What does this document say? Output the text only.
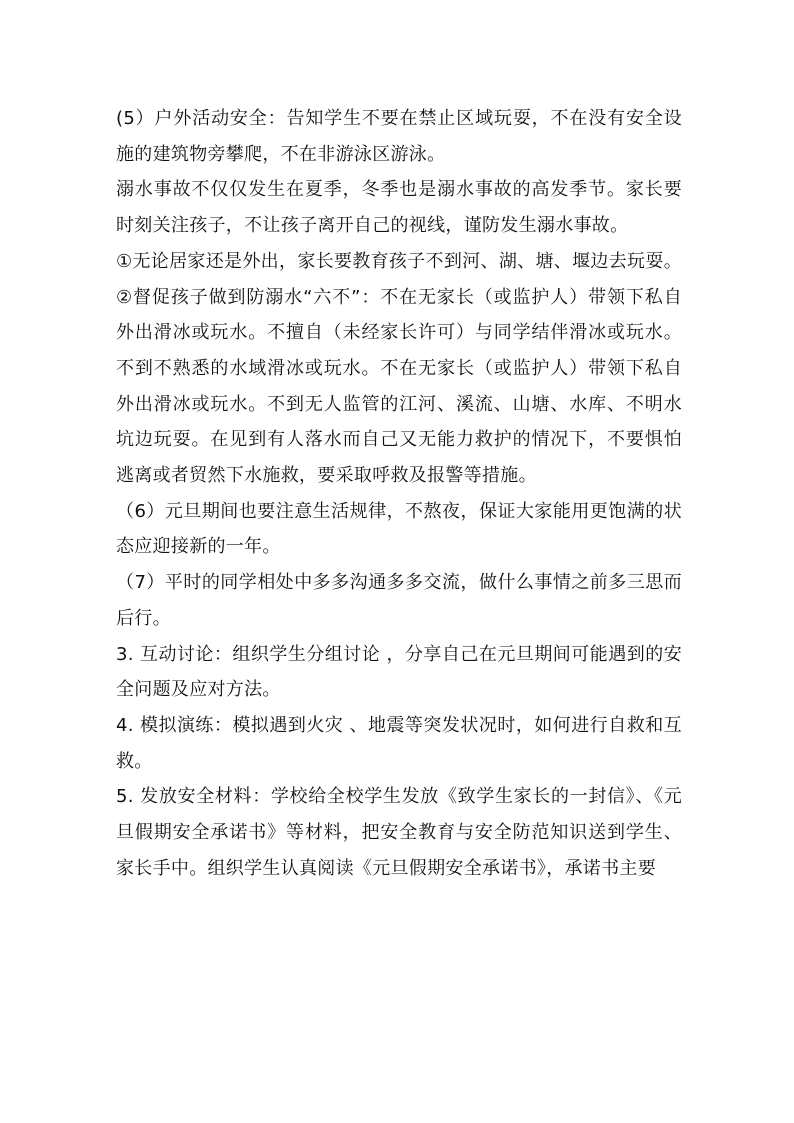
(5）户外活动安全：告知学生不要在禁止区域玩耍，不在没有安全设施的建筑物旁攀爬，不在非游泳区游泳。

溺水事故不仅仅发生在夏季，冬季也是溺水事故的高发季节。家长要时刻关注孩子，不让孩子离开自己的视线，谨防发生溺水事故。

①无论居家还是外出，家长要教育孩子不到河、湖、塘、堰边去玩耍。②督促孩子做到防溺水“六不”：不在无家长（或监护人）带领下私自外出滑冰或玩水。不擅自（未经家长许可）与同学结伴滑冰或玩水。不到不熟悉的水域滑冰或玩水。不在无家长（或监护人）带领下私自外出滑冰或玩水。不到无人监管的江河、溪流、山塘、水库、不明水坑边玩耍。在见到有人落水而自己又无能力救护的情况下，不要惧怕逃离或者贸然下水施救，要采取呼救及报警等措施。

（6）元旦期间也要注意生活规律，不熬夜，保证大家能用更饱满的状态应迎接新的一年。

（7）平时的同学相处中多多沟通多多交流，做什么事情之前多三思而后行。

3. 互动讨论：组织学生分组讨论 ，分享自己在元旦期间可能遇到的安全问题及应对方法。

4. 模拟演练：模拟遇到火灾 、地震等突发状况时，如何进行自救和互救。

5. 发放安全材料：学校给全校学生发放《致学生家长的一封信》、《元旦假期安全承诺书》等材料，把安全教育与安全防范知识送到学生、家长手中。组织学生认真阅读《元旦假期安全承诺书》，承诺书主要
